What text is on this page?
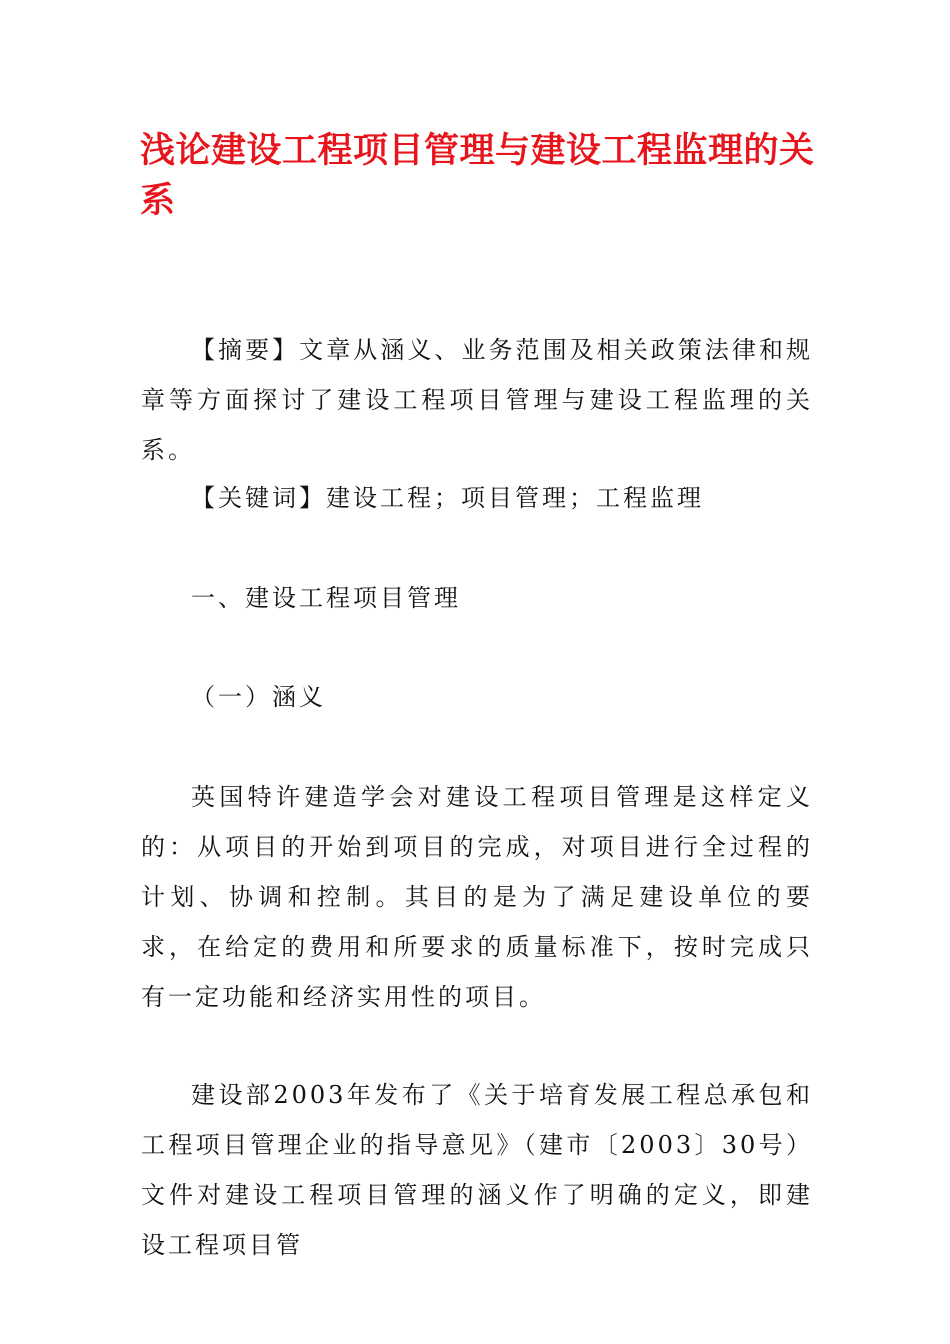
浅论建设工程项目管理与建设工程监理的关系

【摘要】文章从涵义、业务范围及相关政策法律和规章等方面探讨了建设工程项目管理与建设工程监理的关系。

【关键词】建设工程；项目管理；工程监理

一、建设工程项目管理

（一）涵义

英国特许建造学会对建设工程项目管理是这样定义的：从项目的开始到项目的完成，对项目进行全过程的计划、协调和控制。其目的是为了满足建设单位的要求，在给定的费用和所要求的质量标准下，按时完成只有一定功能和经济实用性的项目。

建设部2003年发布了《关于培育发展工程总承包和工程项目管理企业的指导意见》（建市〔2003〕30号）文件对建设工程项目管理的涵义作了明确的定义，即建设工程项目管
